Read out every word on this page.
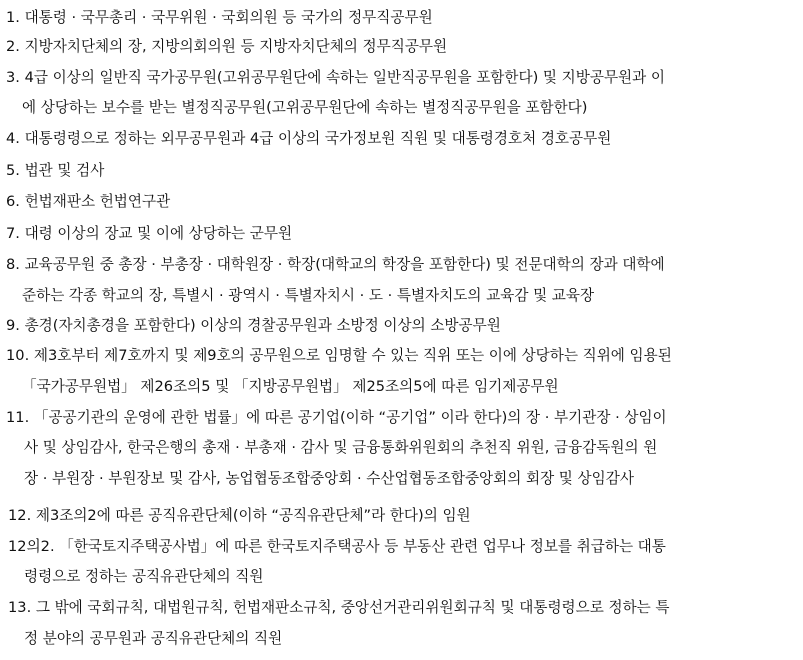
1. 대통령 · 국무총리 · 국무위원 · 국회의원 등 국가의 정무직공무원
2. 지방자치단체의 장, 지방의회의원 등 지방자치단체의 정무직공무원
3. 4급 이상의 일반직 국가공무원(고위공무원단에 속하는 일반직공무원을 포함한다) 및 지방공무원과 이
에 상당하는 보수를 받는 별정직공무원(고위공무원단에 속하는 별정직공무원을 포함한다)
4. 대통령령으로 정하는 외무공무원과 4급 이상의 국가정보원 직원 및 대통령경호처 경호공무원
5. 법관 및 검사
6. 헌법재판소 헌법연구관
7. 대령 이상의 장교 및 이에 상당하는 군무원
8. 교육공무원 중 총장 · 부총장 · 대학원장 · 학장(대학교의 학장을 포함한다) 및 전문대학의 장과 대학에
준하는 각종 학교의 장, 특별시 · 광역시 · 특별자치시 · 도 · 특별자치도의 교육감 및 교육장
9. 총경(자치총경을 포함한다) 이상의 경찰공무원과 소방정 이상의 소방공무원
10. 제3호부터 제7호까지 및 제9호의 공무원으로 임명할 수 있는 직위 또는 이에 상당하는 직위에 임용된
「국가공무원법」 제26조의5 및 「지방공무원법」 제25조의5에 따른 임기제공무원
11. 「공공기관의 운영에 관한 법률」에 따른 공기업(이하 “공기업” 이라 한다)의 장 · 부기관장 · 상임이
사 및 상임감사, 한국은행의 총재 · 부총재 · 감사 및 금융통화위원회의 추천직 위원, 금융감독원의 원
장 · 부원장 · 부원장보 및 감사, 농업협동조합중앙회 · 수산업협동조합중앙회의 회장 및 상임감사
12. 제3조의2에 따른 공직유관단체(이하 “공직유관단체”라 한다)의 임원
12의2. 「한국토지주택공사법」에 따른 한국토지주택공사 등 부동산 관련 업무나 정보를 취급하는 대통
령령으로 정하는 공직유관단체의 직원
13. 그 밖에 국회규칙, 대법원규칙, 헌법재판소규칙, 중앙선거관리위원회규칙 및 대통령령으로 정하는 특
정 분야의 공무원과 공직유관단체의 직원
